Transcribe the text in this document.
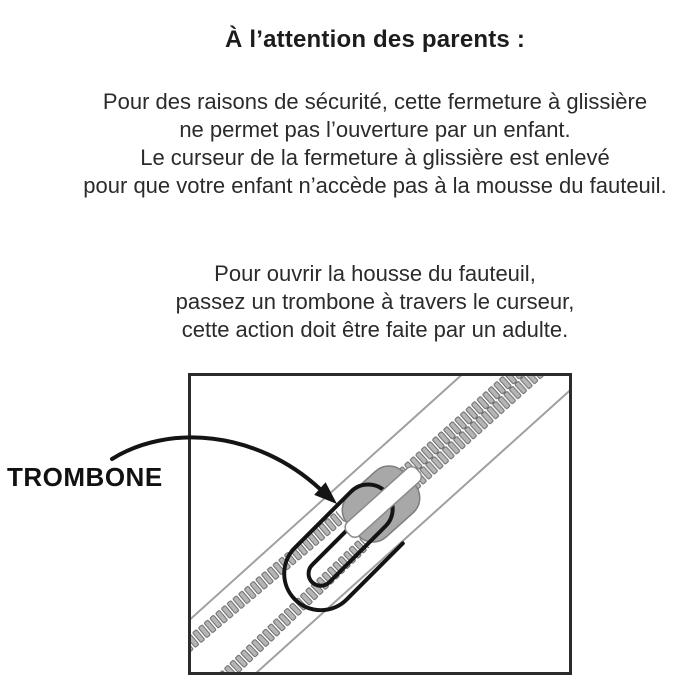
À l’attention des parents :
Pour des raisons de sécurité, cette fermeture à glissière
ne permet pas l’ouverture par un enfant.
Le curseur de la fermeture à glissière est enlevé
pour que votre enfant n’accède pas à la mousse du fauteuil.
Pour ouvrir la housse du fauteuil,
passez un trombone à travers le curseur,
cette action doit être faite par un adulte.
TROMBONE
